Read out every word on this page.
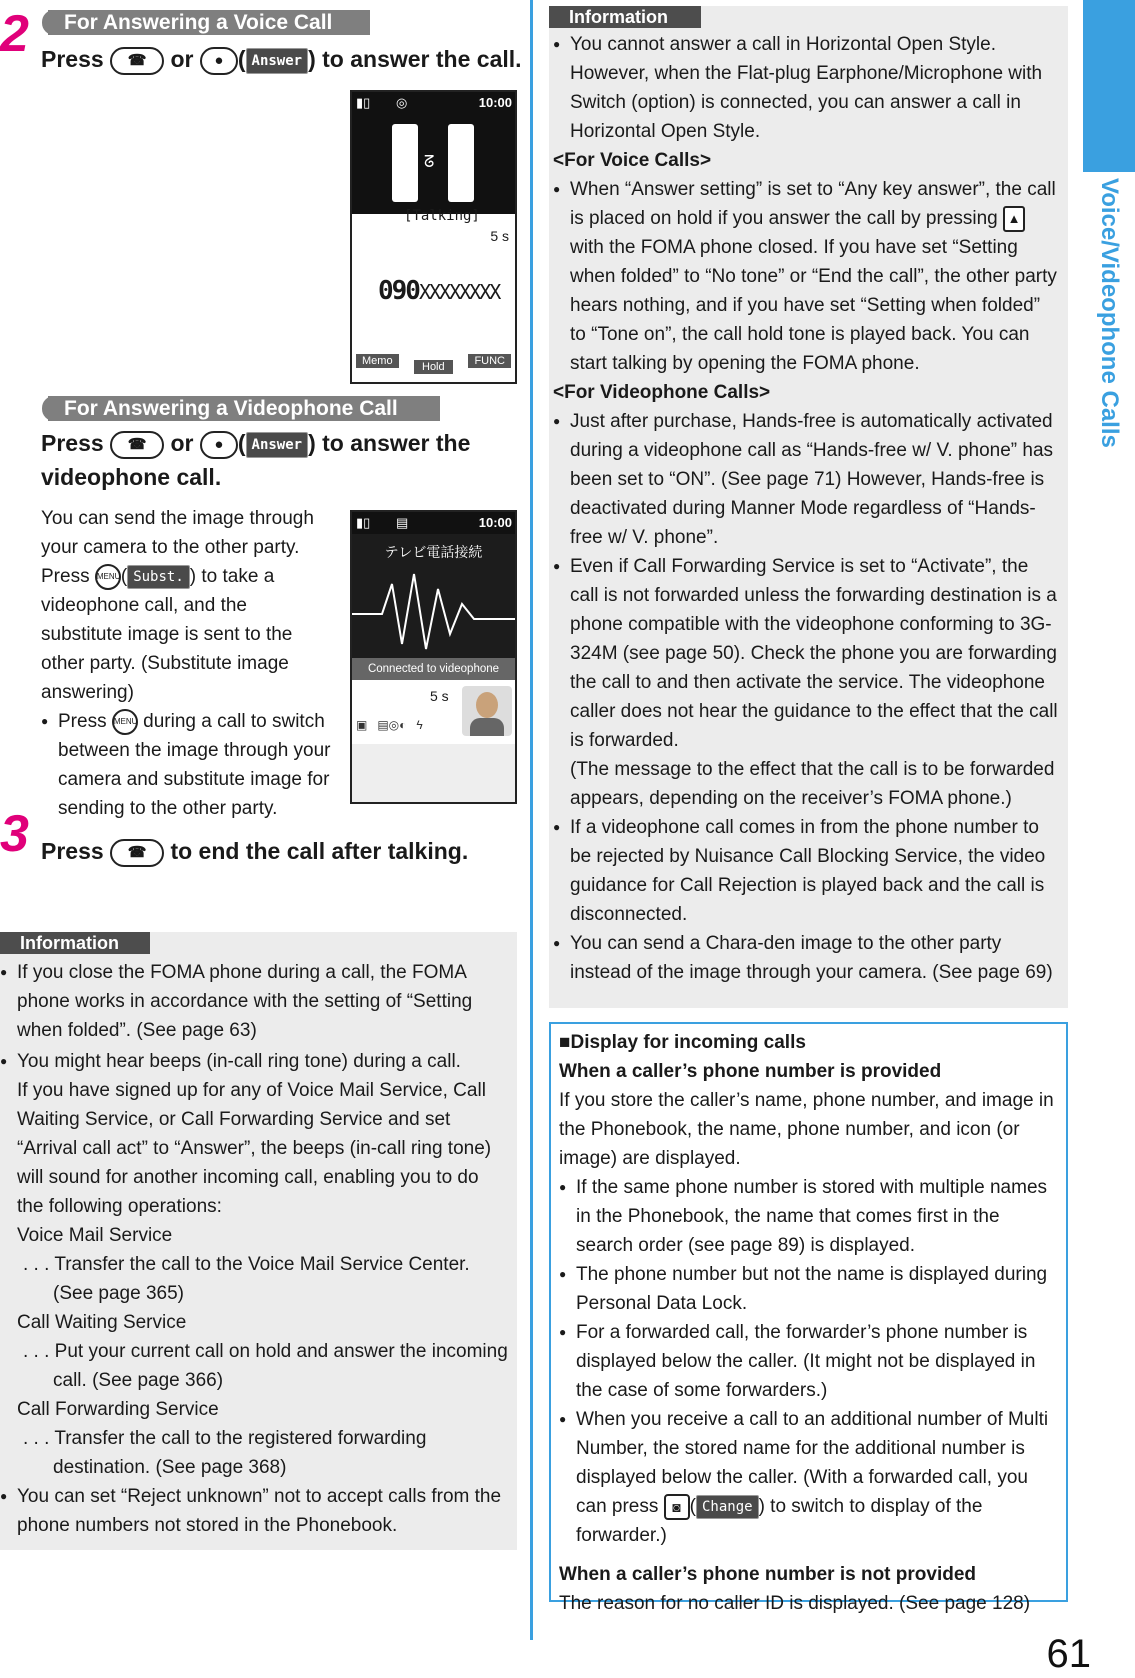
Voice/Videophone Calls
2	For Answering a Voice Call
Press ☎ or ● ( Answer ) to answer the call.
▮▯ ◎	10:00
ᘔ
[Talking]
5 s
090XXXXXXXX
Memo	Hold	FUNC
For Answering a Videophone Call
Press ☎ or ● ( Answer ) to answer the
videophone call.
You can send the image through
your camera to the other party.
Press MENU( Subst. ) to take a
videophone call, and the
substitute image is sent to the
other party. (Substitute image
answering)
● Press MENU during a call to switch
between the image through your
camera and substitute image for
sending to the other party.
▮▯ ▤	10:00
テレビ電話接続
Connected to videophone
5 s
▣   ▤◎◐   ϟ
3 Press ☎ to end the call after talking.
Information
● If you close the FOMA phone during a call, the FOMA phone works in accordance with the setting of “Setting when folded”. (See page 63)
● You might hear beeps (in-call ring tone) during a call.
If you have signed up for any of Voice Mail Service, Call Waiting Service, or Call Forwarding Service and set “Arrival call act” to “Answer”, the beeps (in-call ring tone) will sound for another incoming call, enabling you to do the following operations:
Voice Mail Service
. . . Transfer the call to the Voice Mail Service Center. (See page 365)
Call Waiting Service
. . . Put your current call on hold and answer the incoming call. (See page 366)
Call Forwarding Service
. . . Transfer the call to the registered forwarding destination. (See page 368)
● You can set “Reject unknown” not to accept calls from the phone numbers not stored in the Phonebook.
Information
● You cannot answer a call in Horizontal Open Style. However, when the Flat-plug Earphone/Microphone with Switch (option) is connected, you can answer a call in Horizontal Open Style.
<For Voice Calls>
● When “Answer setting” is set to “Any key answer”, the call is placed on hold if you answer the call by pressing ▲ with the FOMA phone closed. If you have set “Setting when folded” to “No tone” or “End the call”, the other party hears nothing, and if you have set “Setting when folded” to “Tone on”, the call hold tone is played back. You can start talking by opening the FOMA phone.
<For Videophone Calls>
● Just after purchase, Hands-free is automatically activated during a videophone call as “Hands-free w/ V. phone” has been set to “ON”. (See page 71) However, Hands-free is deactivated during Manner Mode regardless of “Hands-free w/ V. phone”.
● Even if Call Forwarding Service is set to “Activate”, the call is not forwarded unless the forwarding destination is a phone compatible with the videophone conforming to 3G-324M (see page 50). Check the phone you are forwarding the call to and then activate the service. The videophone caller does not hear the guidance to the effect that the call is forwarded.
(The message to the effect that the call is to be forwarded appears, depending on the receiver’s FOMA phone.)
● If a videophone call comes in from the phone number to be rejected by Nuisance Call Blocking Service, the video guidance for Call Rejection is played back and the call is disconnected.
● You can send a Chara-den image to the other party instead of the image through your camera. (See page 69)
■Display for incoming calls
When a caller’s phone number is provided
If you store the caller’s name, phone number, and image in the Phonebook, the name, phone number, and icon (or image) are displayed.
● If the same phone number is stored with multiple names in the Phonebook, the name that comes first in the search order (see page 89) is displayed.
● The phone number but not the name is displayed during Personal Data Lock.
● For a forwarded call, the forwarder’s phone number is displayed below the caller. (It might not be displayed in the case of some forwarders.)
● When you receive a call to an additional number of Multi Number, the stored name for the additional number is displayed below the caller. (With a forwarded call, you can press ◙ ( Change ) to switch to display of the forwarder.)
When a caller’s phone number is not provided
The reason for no caller ID is displayed. (See page 128)
61
